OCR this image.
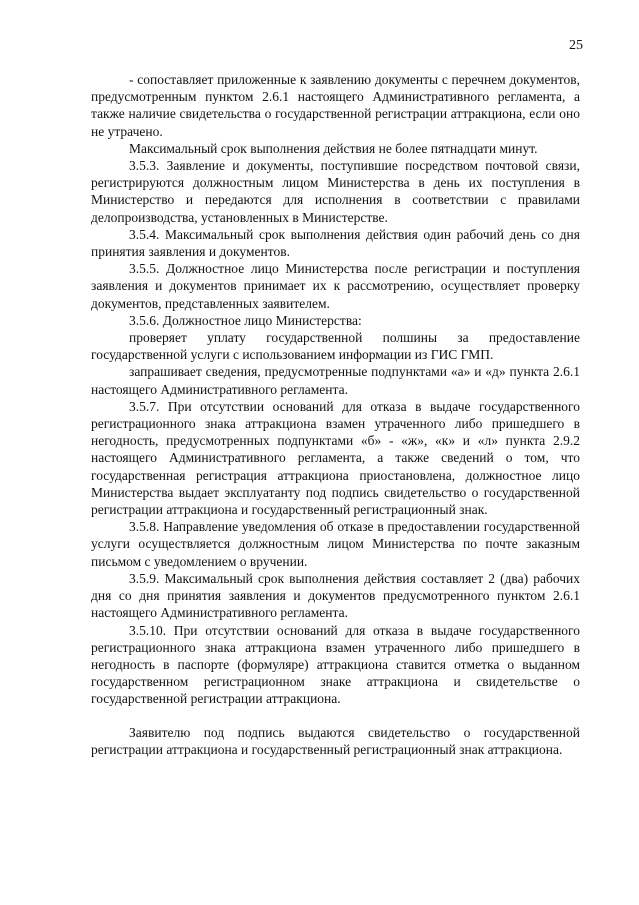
25

- сопоставляет приложенные к заявлению документы с перечнем документов, предусмотренным пунктом 2.6.1 настоящего Административного регламента, а также наличие свидетельства о государственной регистрации аттракциона, если оно не утрачено.

Максимальный срок выполнения действия не более пятнадцати минут.

3.5.3. Заявление и документы, поступившие посредством почтовой связи, регистрируются должностным лицом Министерства в день их поступления в Министерство и передаются для исполнения в соответствии с правилами делопроизводства, установленных в Министерстве.

3.5.4. Максимальный срок выполнения действия один рабочий день со дня принятия заявления и документов.

3.5.5. Должностное лицо Министерства после регистрации и поступления заявления и документов принимает их к рассмотрению, осуществляет проверку документов, представленных заявителем.

3.5.6. Должностное лицо Министерства:

проверяет уплату государственной полшины за предоставление государственной услуги с использованием информации из ГИС ГМП.

запрашивает сведения, предусмотренные подпунктами «а» и «д» пункта 2.6.1 настоящего Административного регламента.

3.5.7. При отсутствии оснований для отказа в выдаче государственного регистрационного знака аттракциона взамен утраченного либо пришедшего в негодность, предусмотренных подпунктами «б» - «ж», «к» и «л» пункта 2.9.2 настоящего Административного регламента, а также сведений о том, что государственная регистрация аттракциона приостановлена, должностное лицо Министерства выдает эксплуатанту под подпись свидетельство о государственной регистрации аттракциона и государственный регистрационный знак.

3.5.8. Направление уведомления об отказе в предоставлении государственной услуги осуществляется должностным лицом Министерства по почте заказным письмом с уведомлением о вручении.

3.5.9. Максимальный срок выполнения действия составляет 2 (два) рабочих дня со дня принятия заявления и документов предусмотренного пунктом 2.6.1 настоящего Административного регламента.

3.5.10. При отсутствии оснований для отказа в выдаче государственного регистрационного знака аттракциона взамен утраченного либо пришедшего в негодность в паспорте (формуляре) аттракциона ставится отметка о выданном государственном регистрационном знаке аттракциона и свидетельстве о государственной регистрации аттракциона.

Заявителю под подпись выдаются свидетельство о государственной регистрации аттракциона и государственный регистрационный знак аттракциона.
